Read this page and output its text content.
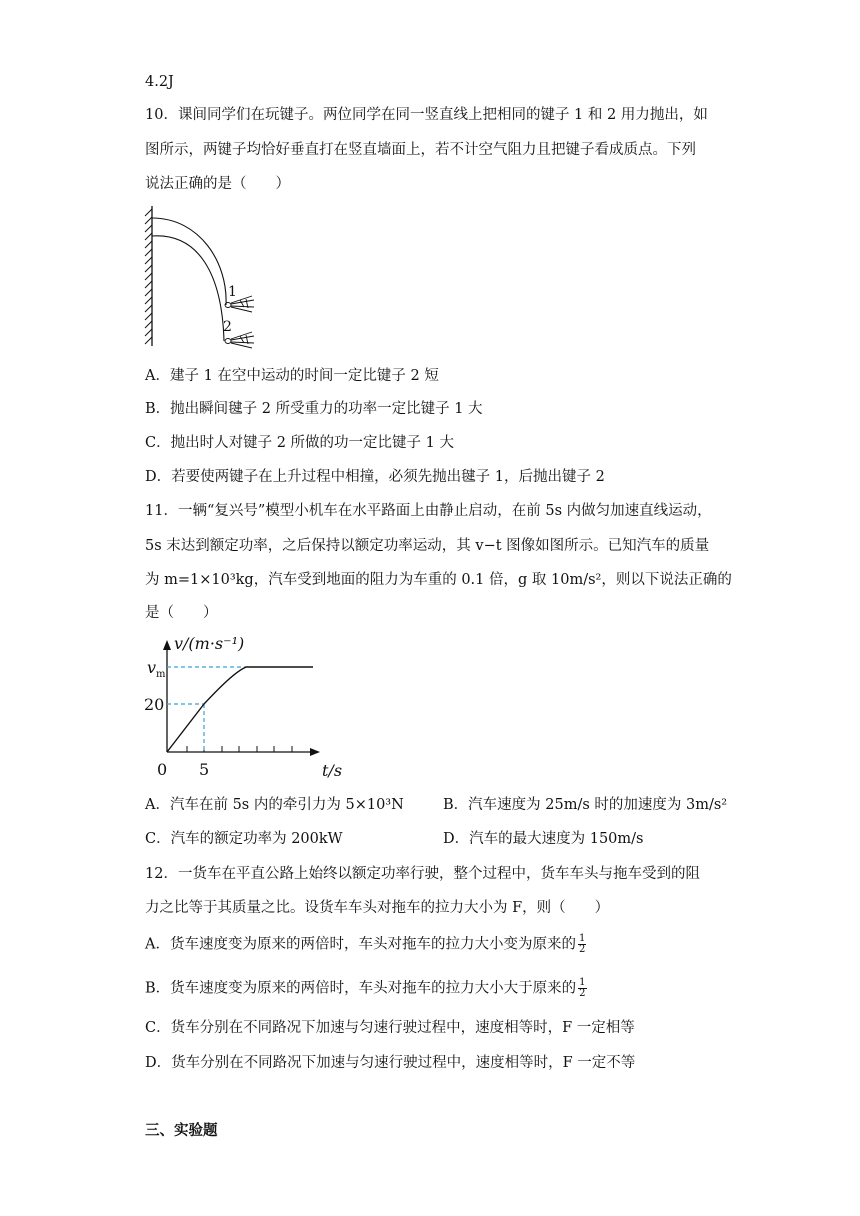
4.2J
10．课间同学们在玩键子。两位同学在同一竖直线上把相同的键子 1 和 2 用力抛出，如
图所示，两键子均恰好垂直打在竖直墙面上，若不计空气阻力且把键子看成质点。下列
说法正确的是（　　）
1
2
A．建子 1 在空中运动的时间一定比键子 2 短
B．抛出瞬间毽子 2 所受重力的功率一定比键子 1 大
C．抛出时人对键子 2 所做的功一定比键子 1 大
D．若要使两键子在上升过程中相撞，必须先抛出毽子 1，后抛出键子 2
11．一辆“复兴号”模型小机车在水平路面上由静止启动，在前 5s 内做匀加速直线运动，
5s 末达到额定功率，之后保持以额定功率运动，其 v−t 图像如图所示。已知汽车的质量
为 m=1×10³kg，汽车受到地面的阻力为车重的 0.1 倍，g 取 10m/s²，则以下说法正确的
是（　　）
v/(m·s⁻¹)
$v_m$
20
0 5	t/s
A．汽车在前 5s 内的牵引力为 5×10³N	B．汽车速度为 25m/s 时的加速度为 3m/s²
C．汽车的额定功率为 200kW	D．汽车的最大速度为 150m/s
12．一货车在平直公路上始终以额定功率行驶，整个过程中，货车车头与拖车受到的阻
力之比等于其质量之比。设货车车头对拖车的拉力大小为 F，则（　　）
A．货车速度变为原来的两倍时，车头对拖车的拉力大小变为原来的 $\frac{1}{2}$
B．货车速度变为原来的两倍时，车头对拖车的拉力大小大于原来的 $\frac{1}{2}$
C．货车分别在不同路况下加速与匀速行驶过程中，速度相等时，F 一定相等
D．货车分别在不同路况下加速与匀速行驶过程中，速度相等时，F 一定不等
三、实验题
